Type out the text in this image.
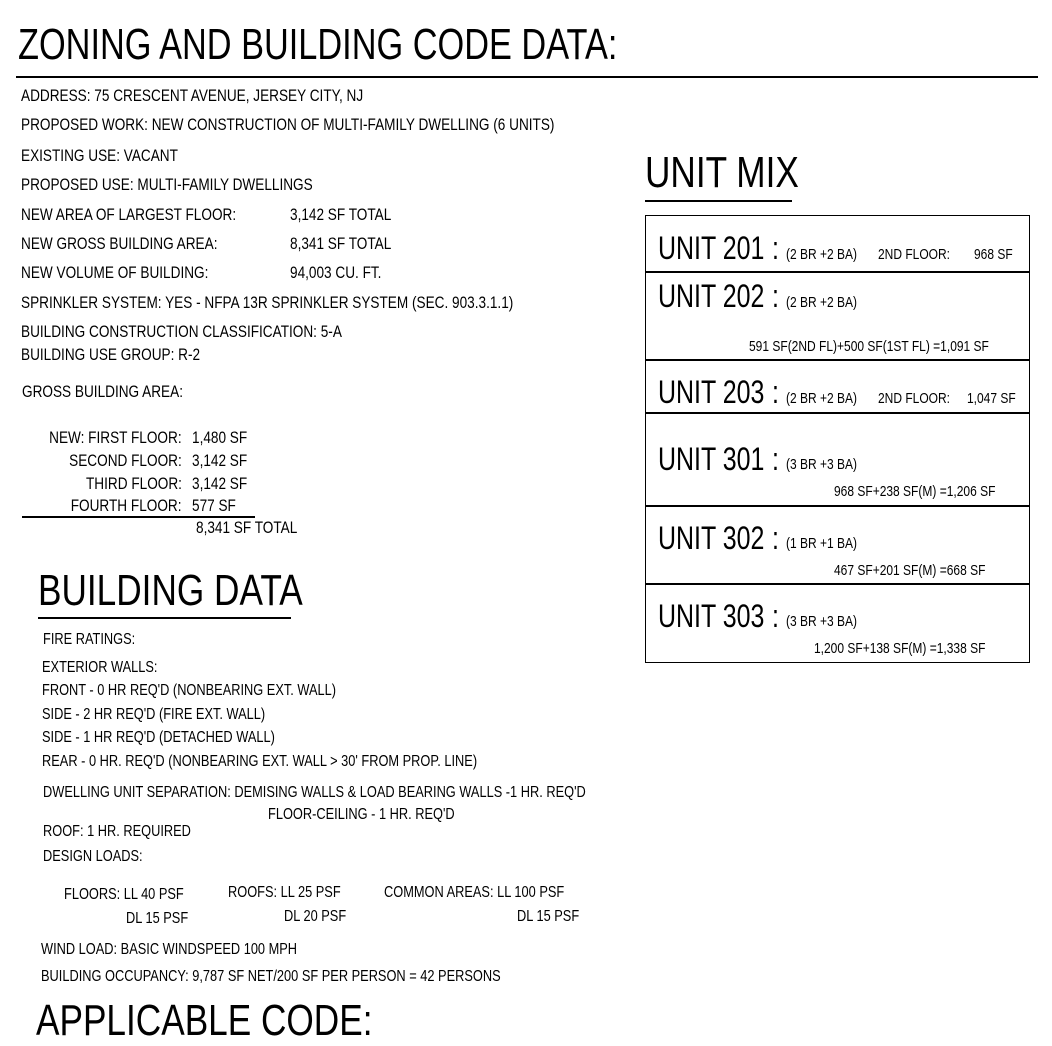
ZONING AND BUILDING CODE DATA:
ADDRESS: 75 CRESCENT AVENUE, JERSEY CITY, NJ
PROPOSED WORK: NEW CONSTRUCTION OF MULTI-FAMILY DWELLING (6 UNITS)
EXISTING USE: VACANT
PROPOSED USE: MULTI-FAMILY DWELLINGS
NEW AREA OF LARGEST FLOOR:	3,142 SF TOTAL
NEW GROSS BUILDING AREA:	8,341 SF TOTAL
NEW VOLUME OF BUILDING:	94,003 CU. FT.
SPRINKLER SYSTEM: YES - NFPA 13R SPRINKLER SYSTEM (SEC. 903.3.1.1)
BUILDING CONSTRUCTION CLASSIFICATION: 5-A
BUILDING USE GROUP: R-2
GROSS BUILDING AREA:
NEW: FIRST FLOOR: 1,480 SF
SECOND FLOOR: 3,142 SF
THIRD FLOOR: 3,142 SF
FOURTH FLOOR: 577 SF
8,341 SF TOTAL
BUILDING DATA
FIRE RATINGS:
EXTERIOR WALLS:
FRONT - 0 HR REQ'D (NONBEARING EXT. WALL)
SIDE - 2 HR REQ'D (FIRE EXT. WALL)
SIDE - 1 HR REQ'D (DETACHED WALL)
REAR - 0 HR. REQ'D (NONBEARING EXT. WALL > 30' FROM PROP. LINE)
DWELLING UNIT SEPARATION: DEMISING WALLS & LOAD BEARING WALLS -1 HR. REQ'D
FLOOR-CEILING - 1 HR. REQ'D
ROOF: 1 HR. REQUIRED
DESIGN LOADS:
FLOORS: LL 40 PSF
DL 15 PSF
ROOFS: LL 25 PSF
DL 20 PSF
COMMON AREAS: LL 100 PSF
DL 15 PSF
WIND LOAD: BASIC WINDSPEED 100 MPH
BUILDING OCCUPANCY: 9,787 SF NET/200 SF PER PERSON = 42 PERSONS
APPLICABLE CODE:
UNIT MIX
UNIT 201 : (2 BR +2 BA)	2ND FLOOR:	968 SF
UNIT 202 : (2 BR +2 BA)
591 SF(2ND FL)+500 SF(1ST FL) =1,091 SF
UNIT 203 : (2 BR +2 BA)	2ND FLOOR:	1,047 SF
UNIT 301 : (3 BR +3 BA)
968 SF+238 SF(M) =1,206 SF
UNIT 302 : (1 BR +1 BA)
467 SF+201 SF(M) =668 SF
UNIT 303 : (3 BR +3 BA)
1,200 SF+138 SF(M) =1,338 SF
